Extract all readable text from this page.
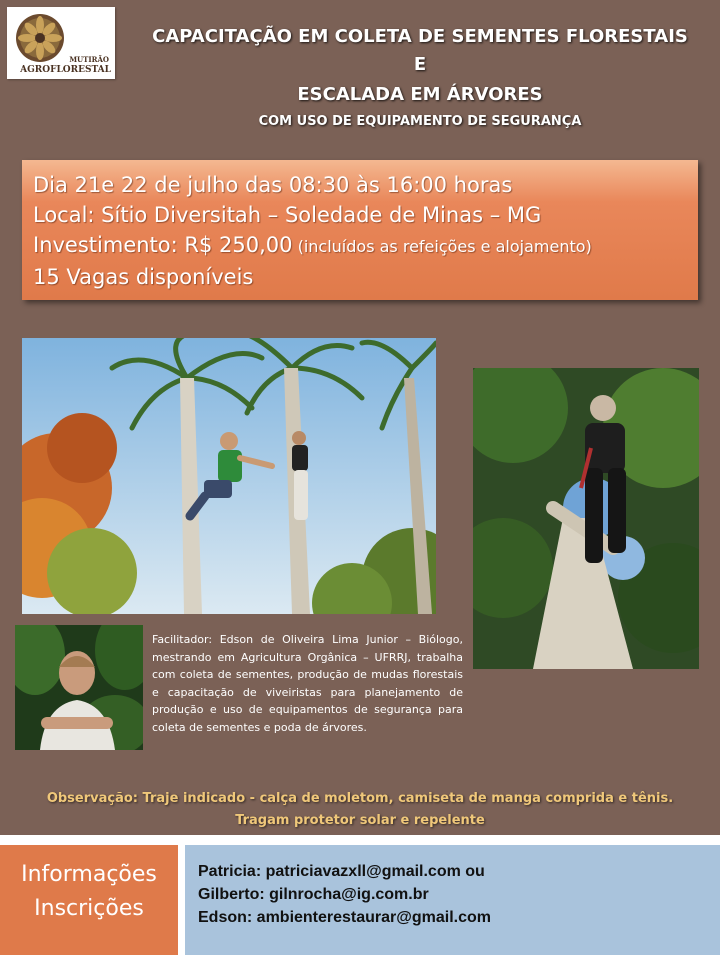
MUTIRÃO
AGROFLORESTAL
CAPACITAÇÃO EM COLETA DE SEMENTES FLORESTAIS
E
ESCALADA EM ÁRVORES
COM USO DE EQUIPAMENTO DE SEGURANÇA
Dia 21e 22 de julho das 08:30 às 16:00 horas
Local: Sítio Diversitah – Soledade de Minas – MG
Investimento: R$ 250,00 (incluídos as refeições e alojamento)
15 Vagas disponíveis
Facilitador: Edson de Oliveira Lima Junior – Biólogo, mestrando em Agricultura Orgânica – UFRRJ, trabalha com coleta de sementes, produção de mudas florestais e capacitação de viveiristas para planejamento de produção e uso de equipamentos de segurança para coleta de sementes e poda de árvores.
Observação: Traje indicado - calça de moletom, camiseta de manga comprida e tênis.
Tragam protetor solar e repelente
Informações
Inscrições
Patricia: patriciavazxll@gmail.com ou
Gilberto: gilnrocha@ig.com.br
Edson: ambienterestaurar@gmail.com
